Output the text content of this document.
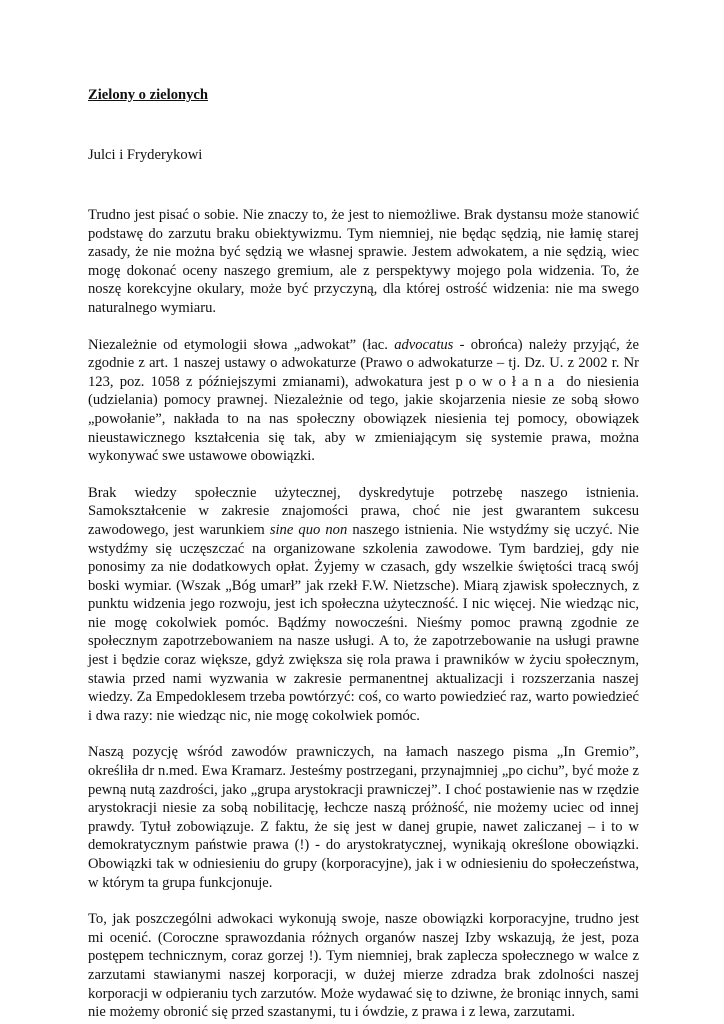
Zielony o zielonych

Julci i Fryderykowi

Trudno jest pisać o sobie. Nie znaczy to, że jest to niemożliwe. Brak dystansu może stanowić podstawę do zarzutu braku obiektywizmu. Tym niemniej, nie będąc sędzią, nie łamię starej zasady, że nie można być sędzią we własnej sprawie. Jestem adwokatem, a nie sędzią, wiec mogę dokonać oceny naszego gremium, ale z perspektywy mojego pola widzenia. To, że noszę korekcyjne okulary, może być przyczyną, dla której ostrość widzenia: nie ma swego naturalnego wymiaru.

Niezależnie od etymologii słowa „adwokat” (łac. advocatus - obrońca) należy przyjąć, że zgodnie z art. 1 naszej ustawy o adwokaturze (Prawo o adwokaturze – tj. Dz. U. z 2002 r. Nr 123, poz. 1058 z późniejszymi zmianami), adwokatura jest powołana do niesienia (udzielania) pomocy prawnej. Niezależnie od tego, jakie skojarzenia niesie ze sobą słowo „powołanie”, nakłada to na nas społeczny obowiązek niesienia tej pomocy, obowiązek nieustawicznego kształcenia się tak, aby w zmieniającym się systemie prawa, można wykonywać swe ustawowe obowiązki.

Brak wiedzy społecznie użytecznej, dyskredytuje potrzebę naszego istnienia. Samokształcenie w zakresie znajomości prawa, choć nie jest gwarantem sukcesu zawodowego, jest warunkiem sine quo non naszego istnienia. Nie wstydźmy się uczyć. Nie wstydźmy się uczęszczać na organizowane szkolenia zawodowe. Tym bardziej, gdy nie ponosimy za nie dodatkowych opłat. Żyjemy w czasach, gdy wszelkie świętości tracą swój boski wymiar. (Wszak „Bóg umarł” jak rzekł F.W. Nietzsche). Miarą zjawisk społecznych, z punktu widzenia jego rozwoju, jest ich społeczna użyteczność. I nic więcej. Nie wiedząc nic, nie mogę cokolwiek pomóc. Bądźmy nowocześni. Nieśmy pomoc prawną zgodnie ze społecznym zapotrzebowaniem na nasze usługi. A to, że zapotrzebowanie na usługi prawne jest i będzie coraz większe, gdyż zwiększa się rola prawa i prawników w życiu społecznym, stawia przed nami wyzwania w zakresie permanentnej aktualizacji i rozszerzania naszej wiedzy. Za Empedoklesem trzeba powtórzyć: coś, co warto powiedzieć raz, warto powiedzieć i dwa razy: nie wiedząc nic, nie mogę cokolwiek pomóc.

Naszą pozycję wśród zawodów prawniczych, na łamach naszego pisma „In Gremio”, określiła dr n.med. Ewa Kramarz. Jesteśmy postrzegani, przynajmniej „po cichu”, być może z pewną nutą zazdrości, jako „grupa arystokracji prawniczej”. I choć postawienie nas w rzędzie arystokracji niesie za sobą nobilitację, łechcze naszą próżność, nie możemy uciec od innej prawdy. Tytuł zobowiązuje. Z faktu, że się jest w danej grupie, nawet zaliczanej – i to w demokratycznym państwie prawa (!) - do arystokratycznej, wynikają określone obowiązki. Obowiązki tak w odniesieniu do grupy (korporacyjne), jak i w odniesieniu do społeczeństwa, w którym ta grupa funkcjonuje.

To, jak poszczególni adwokaci wykonują swoje, nasze obowiązki korporacyjne, trudno jest mi ocenić. (Coroczne sprawozdania różnych organów naszej Izby wskazują, że jest, poza postępem technicznym, coraz gorzej !). Tym niemniej, brak zaplecza społecznego w walce z zarzutami stawianymi naszej korporacji, w dużej mierze zdradza brak zdolności naszej korporacji w odpieraniu tych zarzutów. Może wydawać się to dziwne, że broniąc innych, sami nie możemy obronić się przed szastanymi, tu i ówdzie, z prawa i z lewa, zarzutami.
